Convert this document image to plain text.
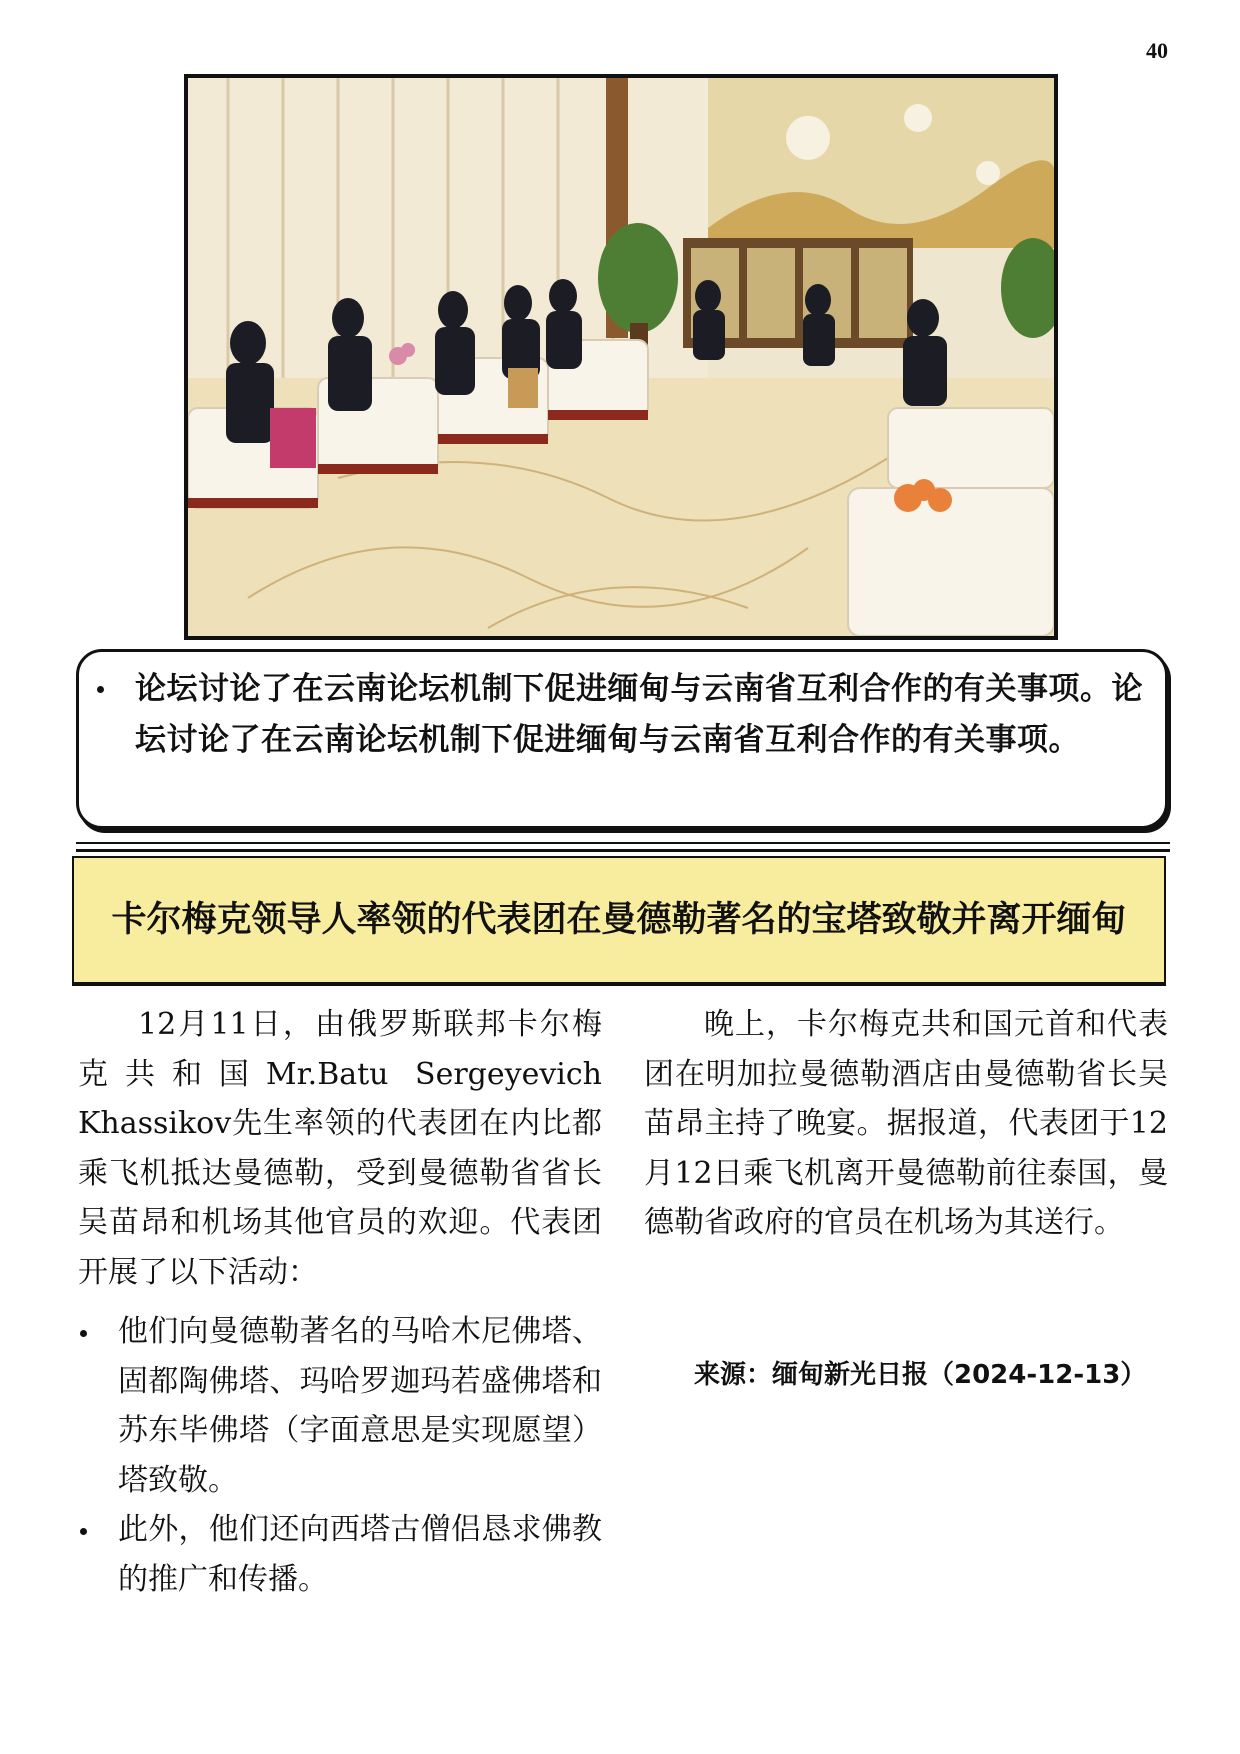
40
论坛讨论了在云南论坛机制下促进缅甸与云南省互利合作的有关事项。论坛讨论了在云南论坛机制下促进缅甸与云南省互利合作的有关事项。
卡尔梅克领导人率领的代表团在曼德勒著名的宝塔致敬并离开缅甸

12月11日，由俄罗斯联邦卡尔梅克共和国Mr.Batu Sergeyevich Khassikov先生率领的代表团在内比都乘飞机抵达曼德勒，受到曼德勒省省长吴苗昂和机场其他官员的欢迎。代表团开展了以下活动：

他们向曼德勒著名的马哈木尼佛塔、固都陶佛塔、玛哈罗迦玛若盛佛塔和苏东毕佛塔（字面意思是实现愿望）塔致敬。
此外，他们还向西塔古僧侣恳求佛教的推广和传播。

晚上，卡尔梅克共和国元首和代表团在明加拉曼德勒酒店由曼德勒省长吴苗昂主持了晚宴。据报道，代表团于12月12日乘飞机离开曼德勒前往泰国，曼德勒省政府的官员在机场为其送行。

来源：缅甸新光日报（2024-12-13）
